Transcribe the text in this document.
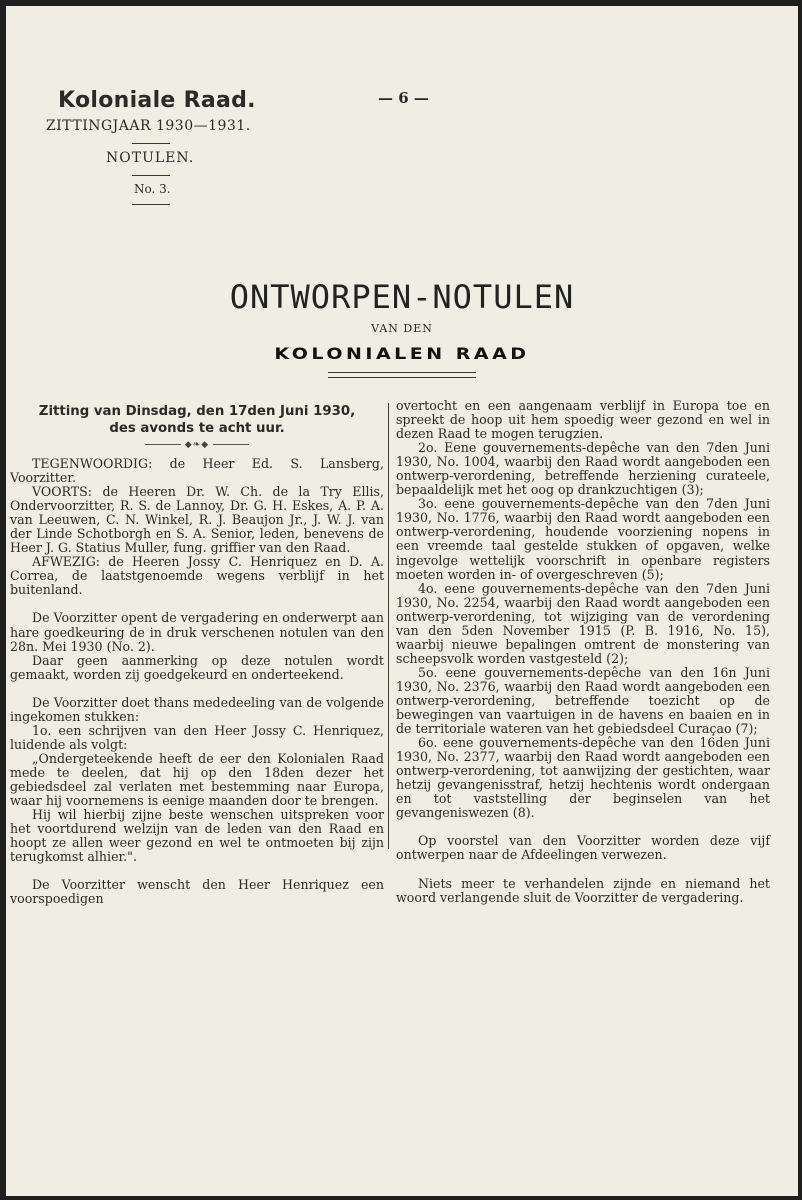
Koloniale Raad.	— 6 —
ZITTINGJAAR 1930—1931.
NOTULEN.
No. 3.
ONTWORPEN-NOTULEN
VAN DEN
KOLONIALEN RAAD

Zitting van Dinsdag, den 17den Juni 1930,

des avonds te acht uur.

◆❧◆

TEGENWOORDIG: de Heer Ed. S. Lansberg, Voorzitter.

VOORTS: de Heeren Dr. W. Ch. de la Try Ellis, Ondervoorzitter, R. S. de Lannoy, Dr. G. H. Eskes, A. P. A. van Leeuwen, C. N. Winkel, R. J. Beaujon Jr., J. W. J. van der Linde Schotborgh en S. A. Senior, leden, benevens de Heer J. G. Statius Muller, fung. griffier van den Raad.

AFWEZIG: de Heeren Jossy C. Henriquez en D. A. Correa, de laatstgenoemde wegens verblijf in het buitenland.

De Voorzitter opent de vergadering en onderwerpt aan hare goedkeuring de in druk verschenen notulen van den 28n. Mei 1930 (No. 2).

Daar geen aanmerking op deze notulen wordt gemaakt, worden zij goedgekeurd en onderteekend.

De Voorzitter doet thans mededeeling van de volgende ingekomen stukken:

1o. een schrijven van den Heer Jossy C. Henriquez, luidende als volgt:

„Ondergeteekende heeft de eer den Kolonialen Raad mede te deelen, dat hij op den 18den dezer het gebiedsdeel zal verlaten met bestemming naar Europa, waar hij voornemens is eenige maanden door te brengen.

Hij wil hierbij zijne beste wenschen uitspreken voor het voortdurend welzijn van de leden van den Raad en hoopt ze allen weer gezond en wel te ontmoeten bij zijn terugkomst alhier.".

De Voorzitter wenscht den Heer Henriquez een voorspoedigen

overtocht en een aangenaam verblijf in Europa toe en spreekt de hoop uit hem spoedig weer gezond en wel in dezen Raad te mogen terugzien.

2o. Eene gouvernements-depêche van den 7den Juni 1930, No. 1004, waarbij den Raad wordt aangeboden een ontwerp-verordening, betreffende herziening curateele, bepaaldelijk met het oog op drankzuchtigen (3);

3o. eene gouvernements-depêche van den 7den Juni 1930, No. 1776, waarbij den Raad wordt aangeboden een ontwerp-verordening, houdende voorziening nopens in een vreemde taal gestelde stukken of opgaven, welke ingevolge wettelijk voorschrift in openbare registers moeten worden in- of overgeschreven (5);

4o. eene gouvernements-depêche van den 7den Juni 1930, No. 2254, waarbij den Raad wordt aangeboden een ontwerp-verordening, tot wijziging van de verordening van den 5den November 1915 (P. B. 1916, No. 15), waarbij nieuwe bepalingen omtrent de monstering van scheepsvolk worden vastgesteld (2);

5o. eene gouvernements-depêche van den 16n Juni 1930, No. 2376, waarbij den Raad wordt aangeboden een ontwerp-verordening, betreffende toezicht op de bewegingen van vaartuigen in de havens en baaien en in de territoriale wateren van het gebiedsdeel Curaçao (7);

6o. eene gouvernements-depêche van den 16den Juni 1930, No. 2377, waarbij den Raad wordt aangeboden een ontwerp-verordening, tot aanwijzing der gestichten, waar hetzij gevangenisstraf, hetzij hechtenis wordt ondergaan en tot vaststelling der beginselen van het gevangeniswezen (8).

Op voorstel van den Voorzitter worden deze vijf ontwerpen naar de Afdeelingen verwezen.

Niets meer te verhandelen zijnde en niemand het woord verlangende sluit de Voorzitter de vergadering.
